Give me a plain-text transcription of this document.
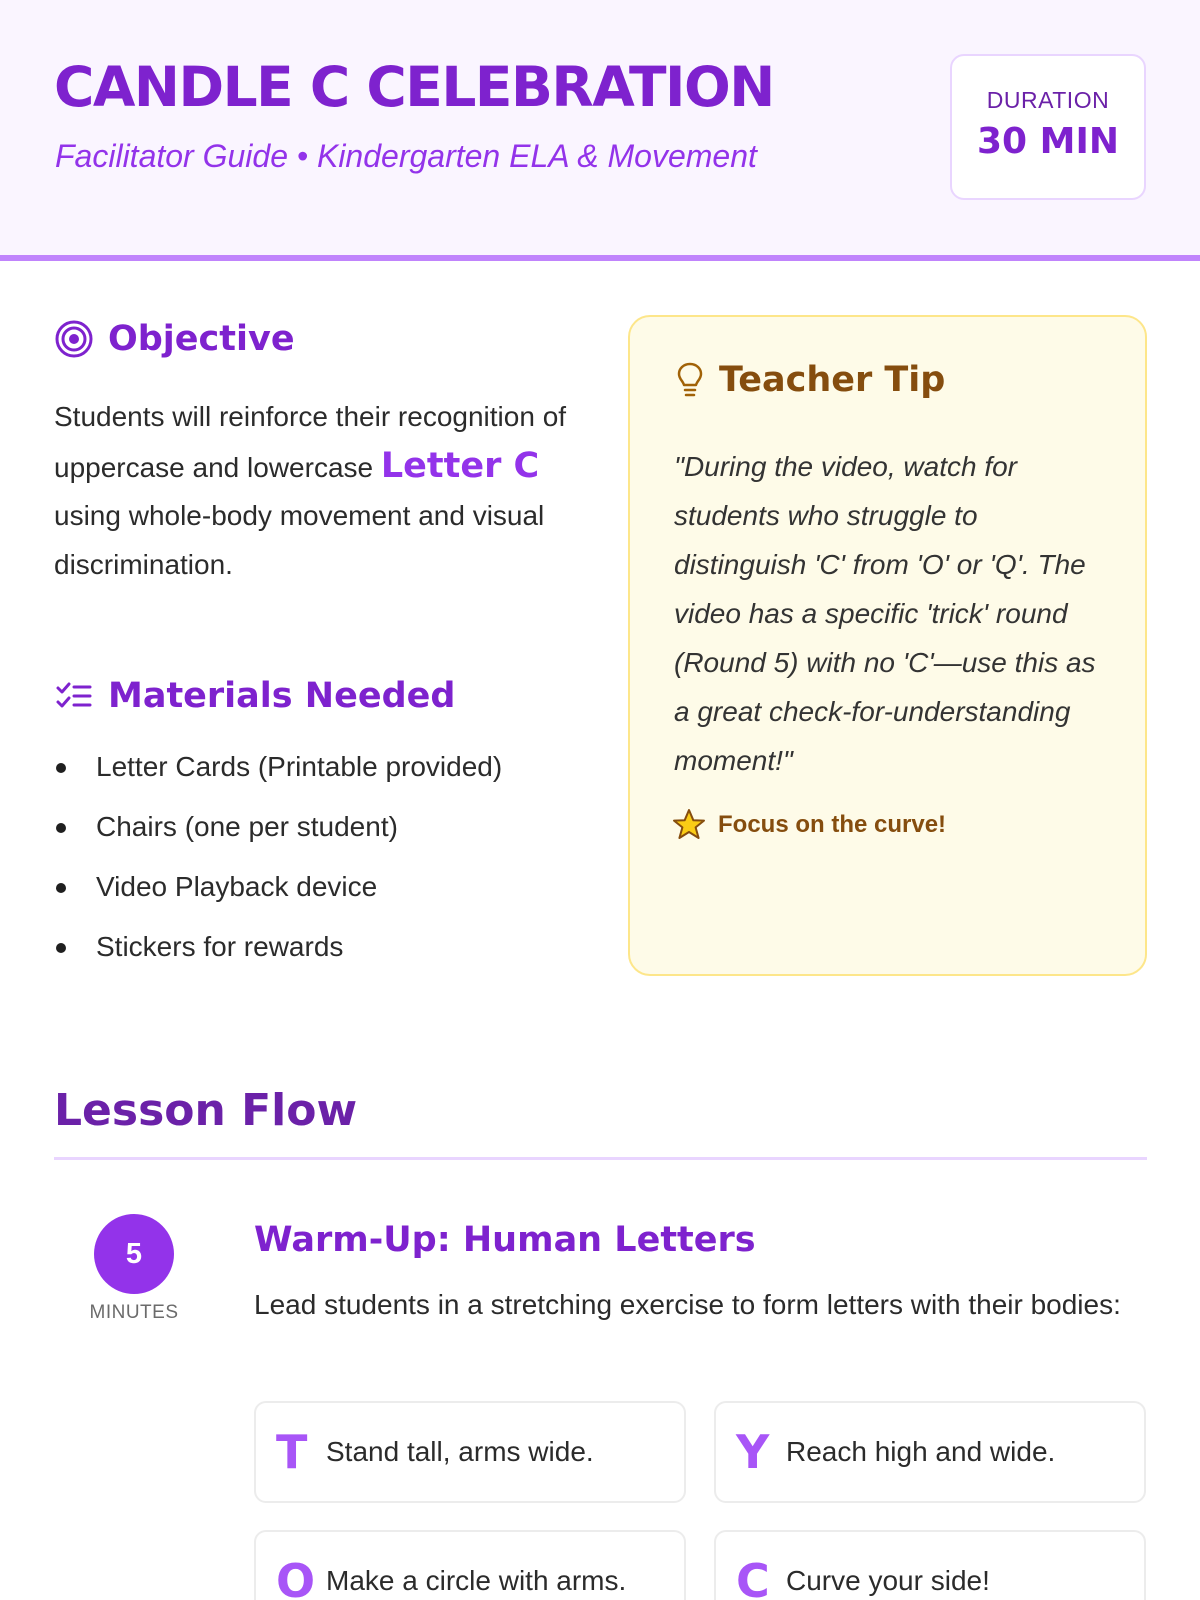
CANDLE C CELEBRATION
Facilitator Guide • Kindergarten ELA & Movement
DURATION
30 MIN
Objective
Students will reinforce their recognition of uppercase and lowercase Letter C using whole-body movement and visual discrimination.
Materials Needed
Letter Cards (Printable provided)
Chairs (one per student)
Video Playback device
Stickers for rewards
Teacher Tip
"During the video, watch for students who struggle to distinguish 'C' from 'O' or 'Q'. The video has a specific 'trick' round (Round 5) with no 'C'—use this as a great check-for-understanding moment!"
Focus on the curve!
Lesson Flow
5
MINUTES
Warm-Up: Human Letters
Lead students in a stretching exercise to form letters with their bodies:
T Stand tall, arms wide.	Y Reach high and wide.
O Make a circle with arms. C Curve your side!
